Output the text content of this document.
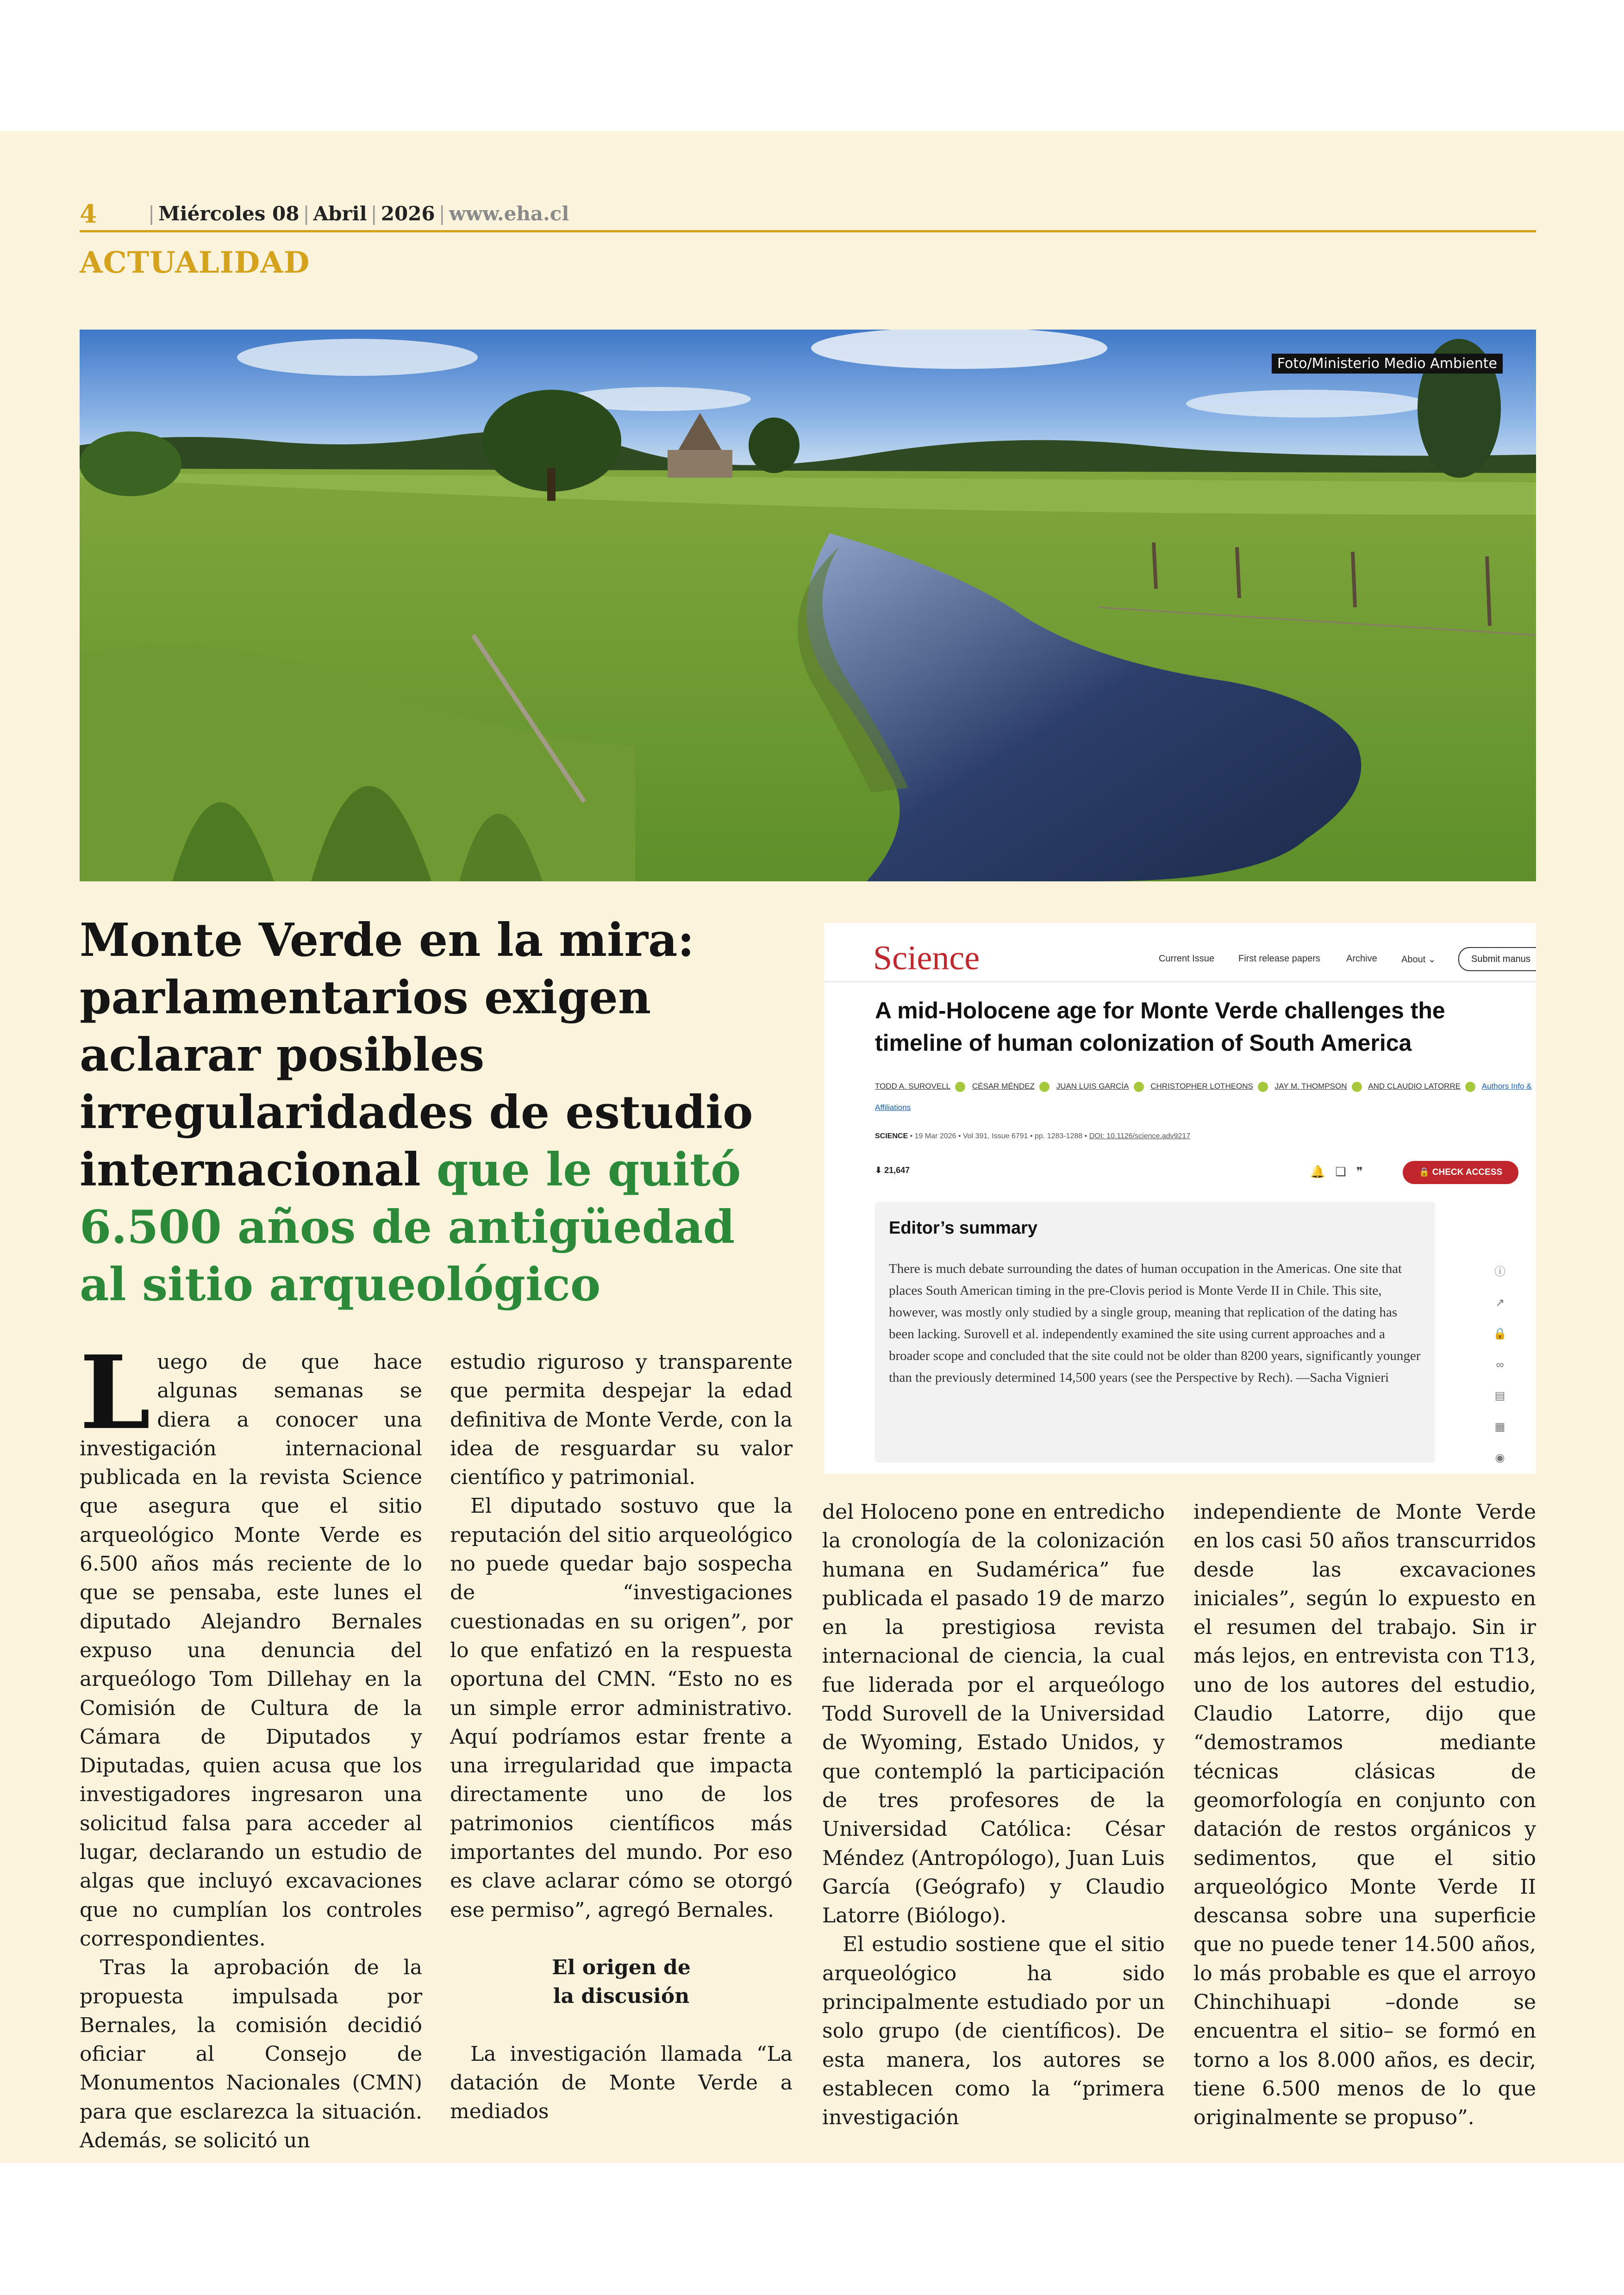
4	| Miércoles 08 | Abril | 2026 | www.eha.cl
ACTUALIDAD
Foto/Ministerio Medio Ambiente
Monte Verde en la mira: parlamentarios exigen aclarar posibles irregularidades de estudio internacional que le quitó 6.500 años de antigüedad al sitio arqueológico
Science	Current Issue	First release papers	Archive	About ⌄	Submit manus
A mid-Holocene age for Monte Verde challenges the timeline of human colonization of South America
TODD A. SUROVELL	CÉSAR MÉNDEZ	JUAN LUIS GARCÍA	CHRISTOPHER LOTHEONS	JAY M. THOMPSON	AND CLAUDIO LATORRE	Authors Info & Affiliations
SCIENCE • 19 Mar 2026 • Vol 391, Issue 6791 • pp. 1283-1288 • DOI: 10.1126/science.adv9217
⬇ 21,647	🔔❏❞	🔒 CHECK ACCESS
Editor’s summary

There is much debate surrounding the dates of human occupation in the Americas. One site that places South American timing in the pre-Clovis period is Monte Verde II in Chile. This site, however, was mostly only studied by a single group, meaning that replication of the dating has been lacking. Surovell et al. independently examined the site using current approaches and a broader scope and concluded that the site could not be older than 8200 years, significantly younger than the previously determined 14,500 years (see the Perspective by Rech). —Sacha Vignieri

ⓘ
↗
🔒
∞
▤
▦
◉

Luego de que hace algunas semanas se diera a conocer una investigación internacional publicada en la revista Science que asegura que el sitio arqueológico Monte Verde es 6.500 años más reciente de lo que se pensaba, este lunes el diputado Alejandro Bernales expuso una denuncia del arqueólogo Tom Dillehay en la Comisión de Cultura de la Cámara de Diputados y Diputadas, quien acusa que los investigadores ingresaron una solicitud falsa para acceder al lugar, declarando un estudio de algas que incluyó excavaciones que no cumplían los controles correspondientes.

Tras la aprobación de la propuesta impulsada por Bernales, la comisión decidió oficiar al Consejo de Monumentos Nacionales (CMN) para que esclarezca la situación. Además, se solicitó un

estudio riguroso y transparente que permita despejar la edad definitiva de Monte Verde, con la idea de resguardar su valor científico y patrimonial.

El diputado sostuvo que la reputación del sitio arqueológico no puede quedar bajo sospecha de “investigaciones cuestionadas en su origen”, por lo que enfatizó en la respuesta oportuna del CMN. “Esto no es un simple error administrativo. Aquí podríamos estar frente a una irregularidad que impacta directamente uno de los patrimonios científicos más importantes del mundo. Por eso es clave aclarar cómo se otorgó ese permiso”, agregó Bernales.

El origen de
la discusión

La investigación llamada “La datación de Monte Verde a mediados

del Holoceno pone en entredicho la cronología de la colonización humana en Sudamérica” fue publicada el pasado 19 de marzo en la prestigiosa revista internacional de ciencia, la cual fue liderada por el arqueólogo Todd Surovell de la Universidad de Wyoming, Estado Unidos, y que contempló la participación de tres profesores de la Universidad Católica: César Méndez (Antropólogo), Juan Luis García (Geógrafo) y Claudio Latorre (Biólogo).

El estudio sostiene que el sitio arqueológico ha sido principalmente estudiado por un solo grupo (de científicos). De esta manera, los autores se establecen como la “primera investigación

independiente de Monte Verde en los casi 50 años transcurridos desde las excavaciones iniciales”, según lo expuesto en el resumen del trabajo. Sin ir más lejos, en entrevista con T13, uno de los autores del estudio, Claudio Latorre, dijo que “demostramos mediante técnicas clásicas de geomorfología en conjunto con datación de restos orgánicos y sedimentos, que el sitio arqueológico Monte Verde II descansa sobre una superficie que no puede tener 14.500 años, lo más probable es que el arroyo Chinchihuapi –donde se encuentra el sitio– se formó en torno a los 8.000 años, es decir, tiene 6.500 menos de lo que originalmente se propuso”.
